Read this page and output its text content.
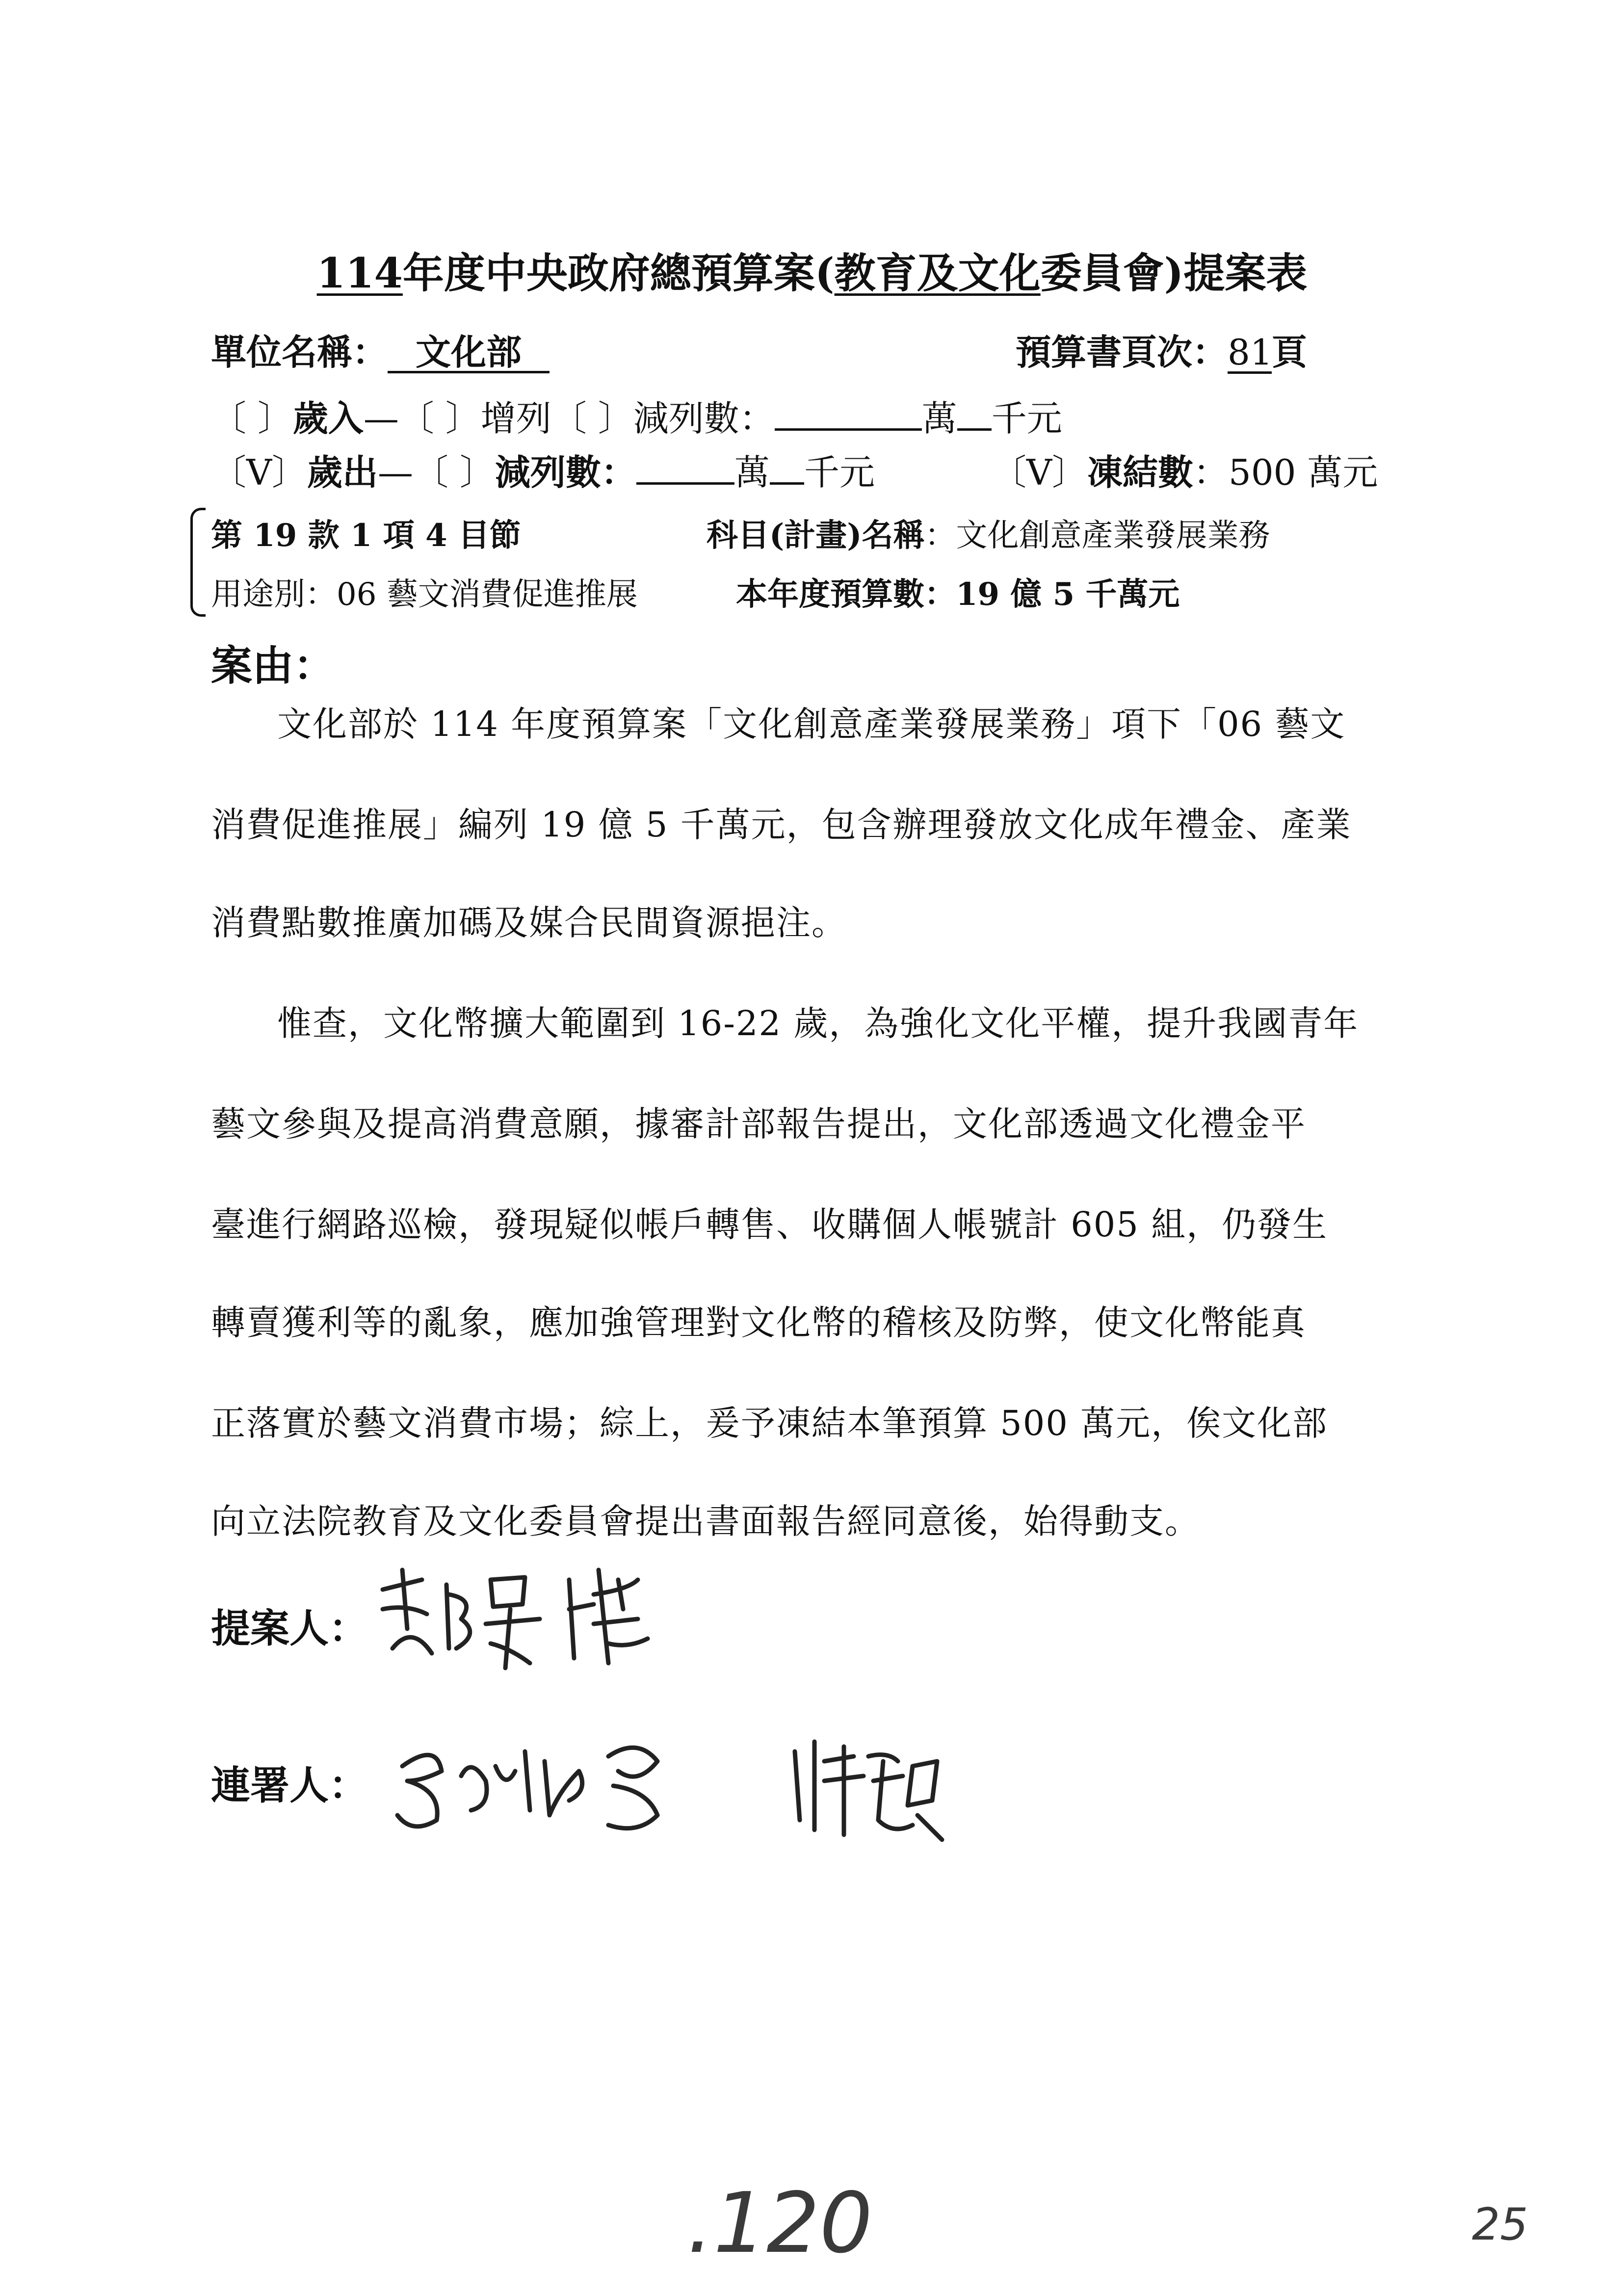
114年度中央政府總預算案(教育及文化委員會)提案表
單位名稱： 文化部	預算書頁次：81頁
〔 〕歲入—〔 〕增列〔 〕減列數：	萬 千元
〔V〕歲出—〔 〕減列數：	萬 千元	〔V〕凍結數：500 萬元
第 19 款 1 項 4 目節	科目(計畫)名稱：文化創意產業發展業務
用途別：06 藝文消費促進推展	本年度預算數：19 億 5 千萬元
案由：
文化部於 114 年度預算案「文化創意產業發展業務」項下「06 藝文
消費促進推展」編列 19 億 5 千萬元，包含辦理發放文化成年禮金、產業
消費點數推廣加碼及媒合民間資源挹注。
惟查，文化幣擴大範圍到 16-22 歲，為強化文化平權，提升我國青年
藝文參與及提高消費意願，據審計部報告提出，文化部透過文化禮金平
臺進行網路巡檢，發現疑似帳戶轉售、收購個人帳號計 605 組，仍發生
轉賣獲利等的亂象，應加強管理對文化幣的稽核及防弊，使文化幣能真
正落實於藝文消費市場；綜上，爰予凍結本筆預算 500 萬元，俟文化部
向立法院教育及文化委員會提出書面報告經同意後，始得動支。
提案人：
連署人：
.120	25
